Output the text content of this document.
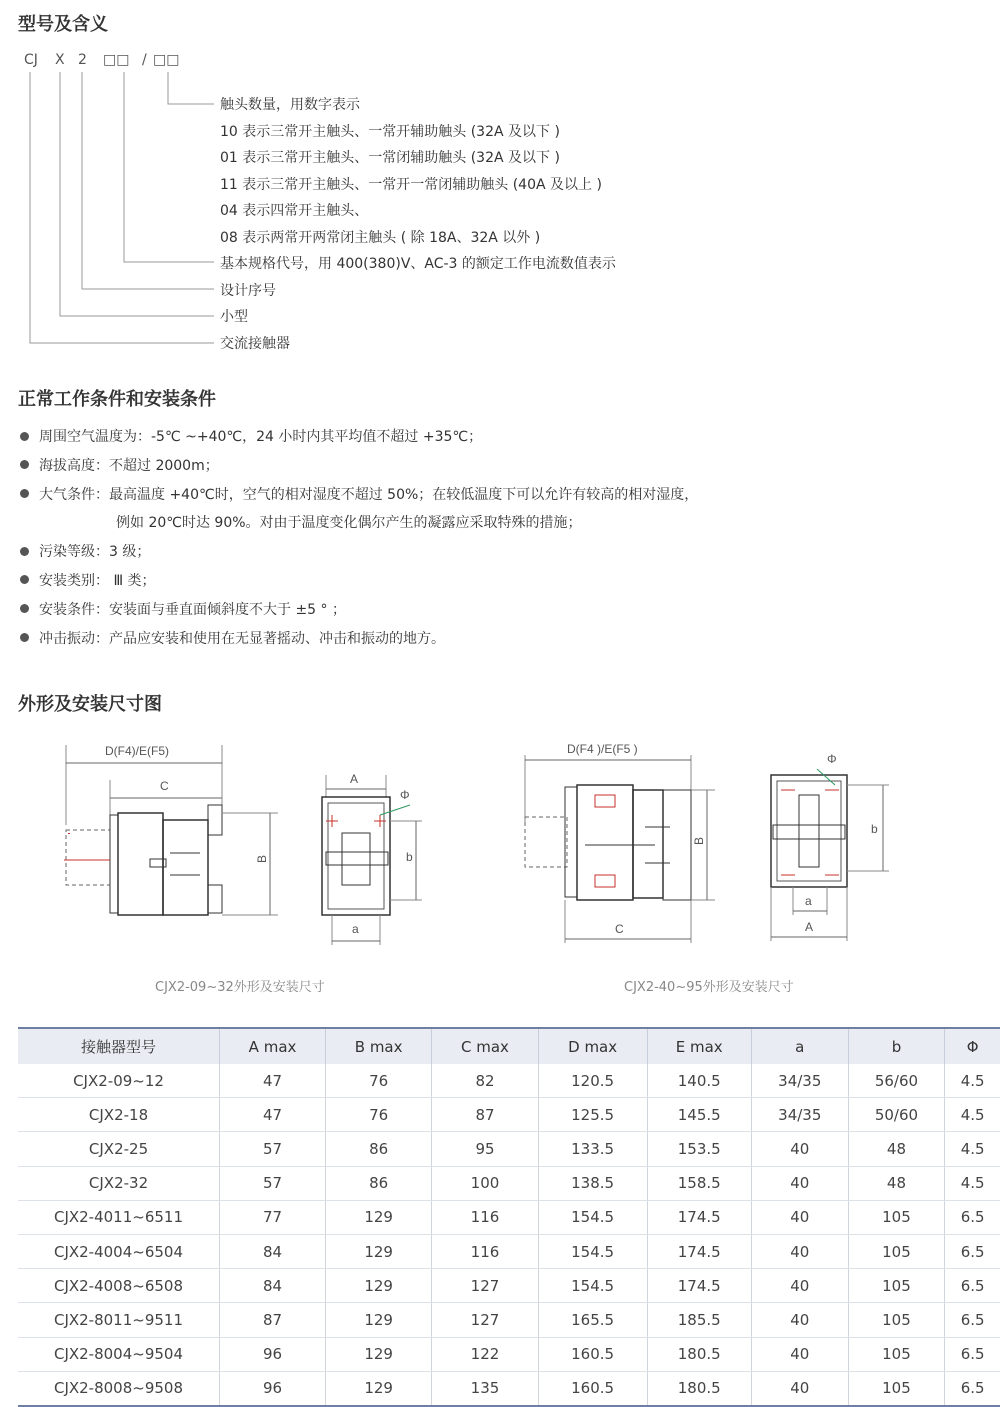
型号及含义
CJ X 2 □□ / □□
触头数量，用数字表示
10 表示三常开主触头、一常开辅助触头 (32A 及以下 )
01 表示三常开主触头、一常闭辅助触头 (32A 及以下 )
11 表示三常开主触头、一常开一常闭辅助触头 (40A 及以上 )
04 表示四常开主触头、
08 表示两常开两常闭主触头 ( 除 18A、32A 以外 )
基本规格代号，用 400(380)V、AC-3 的额定工作电流数值表示
设计序号
小型
交流接触器
正常工作条件和安装条件
周围空气温度为：-5℃ ~+40℃，24 小时内其平均值不超过 +35℃；
海拔高度：不超过 2000m；
大气条件：最高温度 +40℃时，空气的相对湿度不超过 50%；在较低温度下可以允许有较高的相对湿度，
例如 20℃时达 90%。对由于温度变化偶尔产生的凝露应采取特殊的措施；
污染等级：3 级；
安装类别： Ⅲ 类；
安装条件：安装面与垂直面倾斜度不大于 ±5 ° ；
冲击振动：产品应安装和使用在无显著摇动、冲击和振动的地方。
外形及安装尺寸图
D(F4)/E(F5)
C
B
A
Φ
b
a
D(F4 )/E(F5 )
B
C
Φ
b
a
A
CJX2-09~32外形及安装尺寸	CJX2-40~95外形及安装尺寸
接触器型号	A max	B max	C max	D max	E max	a	b	Φ
CJX2-09~12	47	76	82	120.5	140.5	34/35	56/60	4.5
CJX2-18	47	76	87	125.5	145.5	34/35	50/60	4.5
CJX2-25	57	86	95	133.5	153.5	40	48	4.5
CJX2-32	57	86	100	138.5	158.5	40	48	4.5
CJX2-4011~6511	77	129	116	154.5	174.5	40	105	6.5
CJX2-4004~6504	84	129	116	154.5	174.5	40	105	6.5
CJX2-4008~6508	84	129	127	154.5	174.5	40	105	6.5
CJX2-8011~9511	87	129	127	165.5	185.5	40	105	6.5
CJX2-8004~9504	96	129	122	160.5	180.5	40	105	6.5
CJX2-8008~9508	96	129	135	160.5	180.5	40	105	6.5
